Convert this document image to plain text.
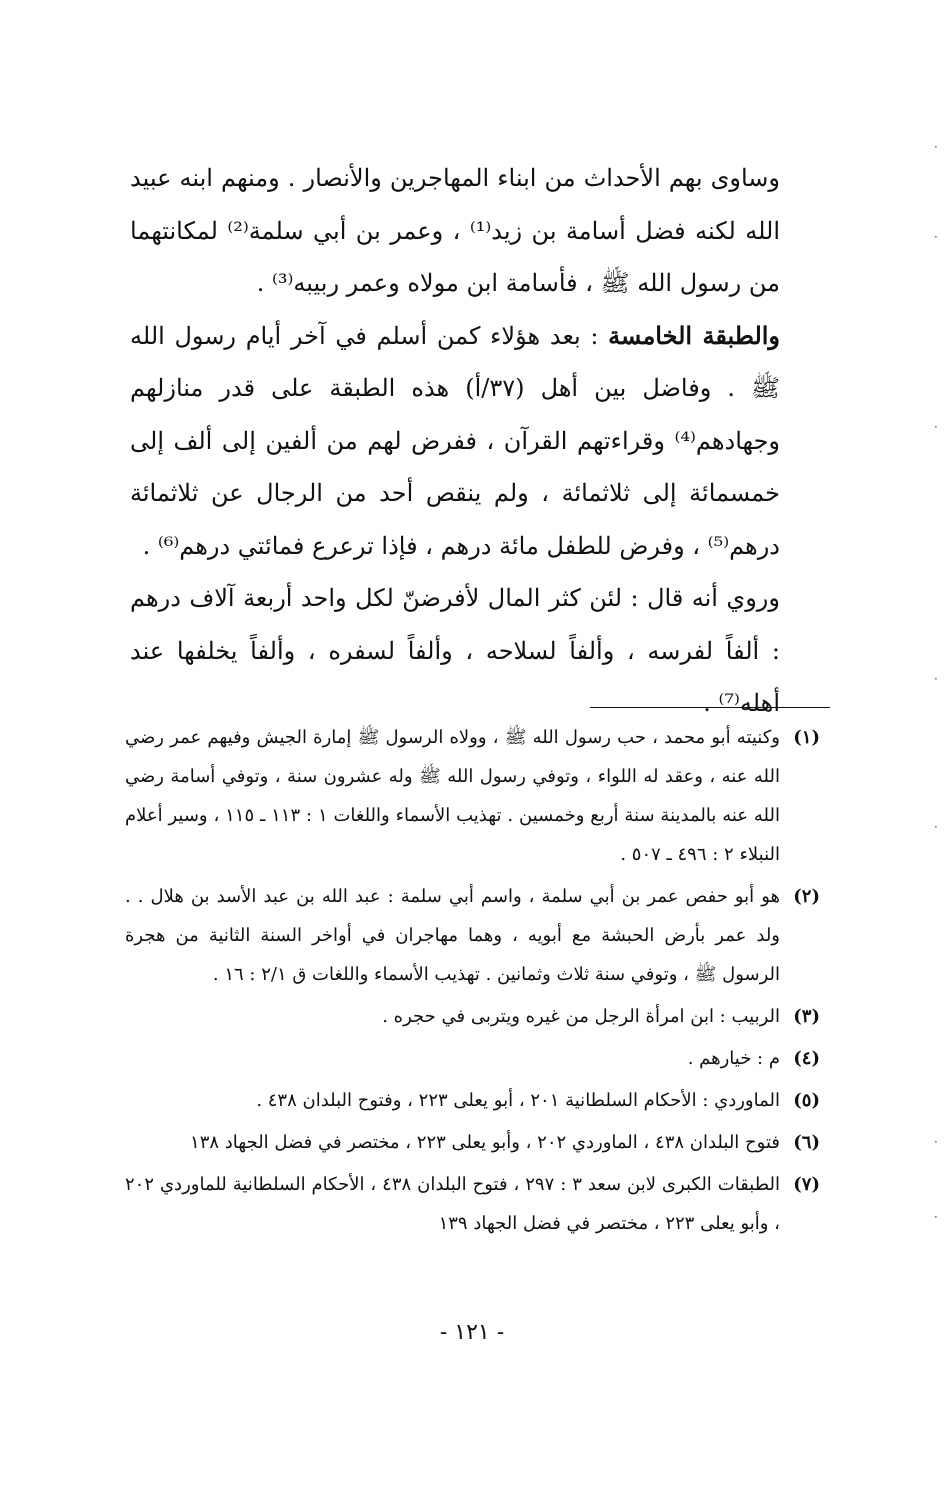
وساوى بهم الأحداث من ابناء المهاجرين والأنصار . ومنهم ابنه عبيد الله لكنه فضل أسامة بن زيد⁽¹⁾ ، وعمر بن أبي سلمة⁽²⁾ لمكانتهما من رسول الله ﷺ ، فأسامة ابن مولاه وعمر ربيبه⁽³⁾ .

والطبقة الخامسة : بعد هؤلاء كمن أسلم في آخر أيام رسول الله ﷺ . وفاضل بين أهل (٣٧/أ) هذه الطبقة على قدر منازلهم وجهادهم⁽⁴⁾ وقراءتهم القرآن ، ففرض لهم من ألفين إلى ألف إلى خمسمائة إلى ثلاثمائة ، ولم ينقص أحد من الرجال عن ثلاثمائة درهم⁽⁵⁾ ، وفرض للطفل مائة درهم ، فإذا ترعرع فمائتي درهم⁽⁶⁾ .

وروي أنه قال : لئن كثر المال لأفرضنّ لكل واحد أربعة آلاف درهم : ألفاً لفرسه ، وألفاً لسلاحه ، وألفاً لسفره ، وألفاً يخلفها عند أهله⁽⁷⁾ .

(١)
وكنيته أبو محمد ، حب رسول الله ﷺ ، وولاه الرسول ﷺ إمارة الجيش وفيهم عمر رضي الله عنه ، وعقد له اللواء ، وتوفي رسول الله ﷺ وله عشرون سنة ، وتوفي أسامة رضي الله عنه بالمدينة سنة أربع وخمسين . تهذيب الأسماء واللغات ١ : ١١٣ ـ ١١٥ ، وسير أعلام النبلاء ٢ : ٤٩٦ ـ ٥٠٧ .
(٢)
هو أبو حفص عمر بن أبي سلمة ، واسم أبي سلمة : عبد الله بن عبد الأسد بن هلال . . ولد عمر بأرض الحبشة مع أبويه ، وهما مهاجران في أواخر السنة الثانية من هجرة الرسول ﷺ ، وتوفي سنة ثلاث وثمانين . تهذيب الأسماء واللغات ق ٢/١ : ١٦ .
(٣)
الربيب : ابن امرأة الرجل من غيره ويتربى في حجره .
(٤)
م : خيارهم .
(٥)
الماوردي : الأحكام السلطانية ٢٠١ ، أبو يعلى ٢٢٣ ، وفتوح البلدان ٤٣٨ .
(٦)
فتوح البلدان ٤٣٨ ، الماوردي ٢٠٢ ، وأبو يعلى ٢٢٣ ، مختصر في فضل الجهاد ١٣٨
(٧)
الطبقات الكبرى لابن سعد ٣ : ٢٩٧ ، فتوح البلدان ٤٣٨ ، الأحكام السلطانية للماوردي ٢٠٢ ، وأبو يعلى ٢٢٣ ، مختصر في فضل الجهاد ١٣٩
- ١٢١ -
·
·
·
·
·
·
·
